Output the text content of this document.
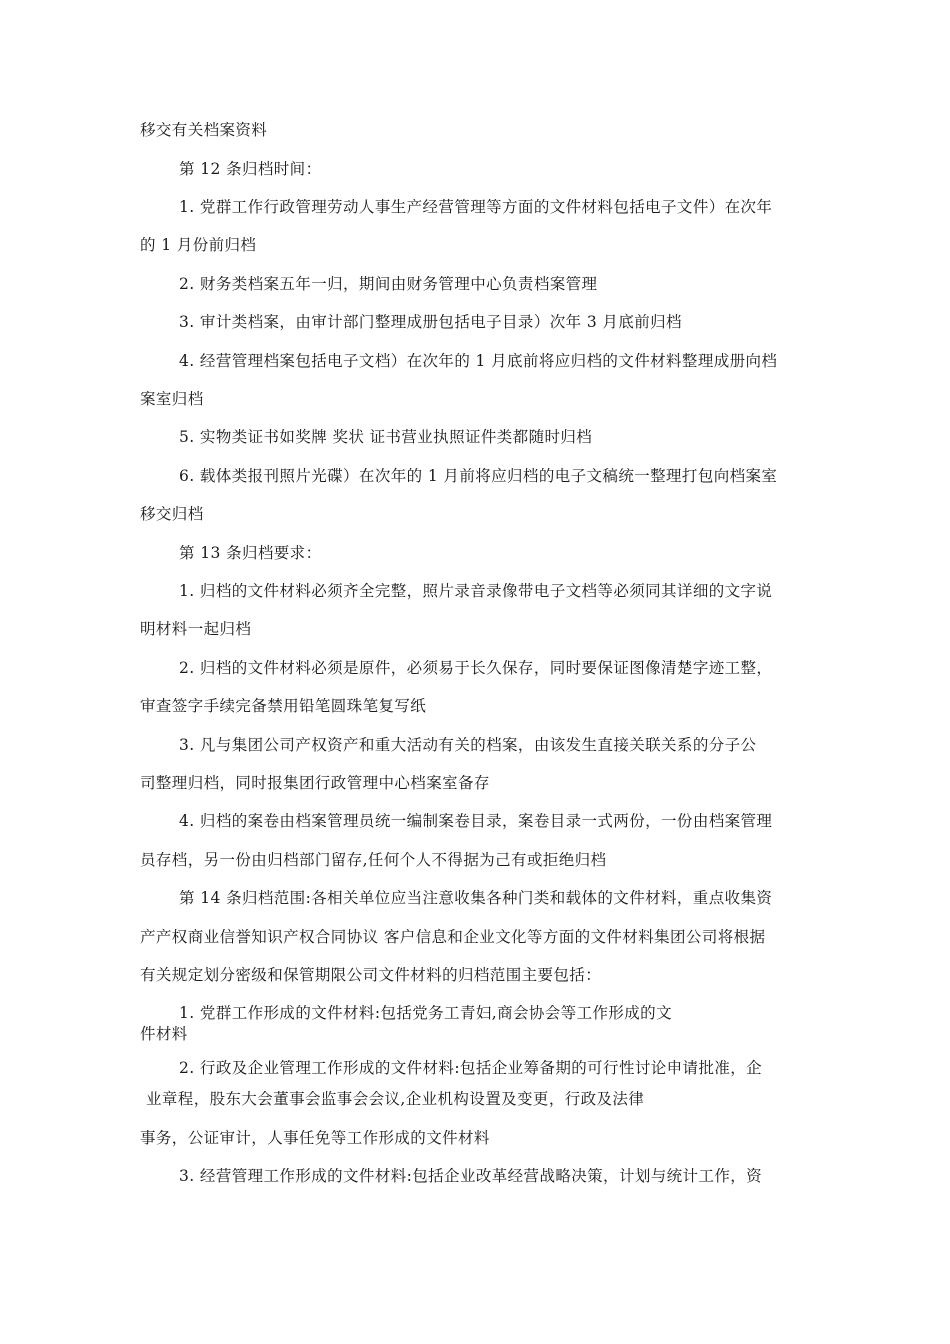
移交有关档案资料
第 12 条归档时间：
1. 党群工作行政管理劳动人事生产经营管理等方面的文件材料包括电子文件）在次年
的 1 月份前归档
2. 财务类档案五年一归，期间由财务管理中心负责档案管理
3. 审计类档案，由审计部门整理成册包括电子目录）次年 3 月底前归档
4. 经营管理档案包括电子文档）在次年的 1 月底前将应归档的文件材料整理成册向档
案室归档
5. 实物类证书如奖牌 奖状 证书营业执照证件类都随时归档
6. 载体类报刊照片光碟）在次年的 1 月前将应归档的电子文稿统一整理打包向档案室
移交归档
第 13 条归档要求：
1. 归档的文件材料必须齐全完整，照片录音录像带电子文档等必须同其详细的文字说
明材料一起归档
2. 归档的文件材料必须是原件，必须易于长久保存，同时要保证图像清楚字迹工整，
审查签字手续完备禁用铅笔圆珠笔复写纸
3. 凡与集团公司产权资产和重大活动有关的档案，由该发生直接关联关系的分子公
司整理归档，同时报集团行政管理中心档案室备存
4. 归档的案卷由档案管理员统一编制案卷目录，案卷目录一式两份，一份由档案管理
员存档，另一份由归档部门留存,任何个人不得据为己有或拒绝归档
第 14 条归档范围:各相关单位应当注意收集各种门类和载体的文件材料，重点收集资
产产权商业信誉知识产权合同协议 客户信息和企业文化等方面的文件材料集团公司将根据
有关规定划分密级和保管期限公司文件材料的归档范围主要包括：
1. 党群工作形成的文件材料:包括党务工青妇,商会协会等工作形成的文
件材料
2. 行政及企业管理工作形成的文件材料:包括企业筹备期的可行性讨论申请批准，企
业章程，股东大会董事会监事会会议,企业机构设置及变更，行政及法律
事务，公证审计，人事任免等工作形成的文件材料
3. 经营管理工作形成的文件材料:包括企业改革经营战略决策，计划与统计工作，资
